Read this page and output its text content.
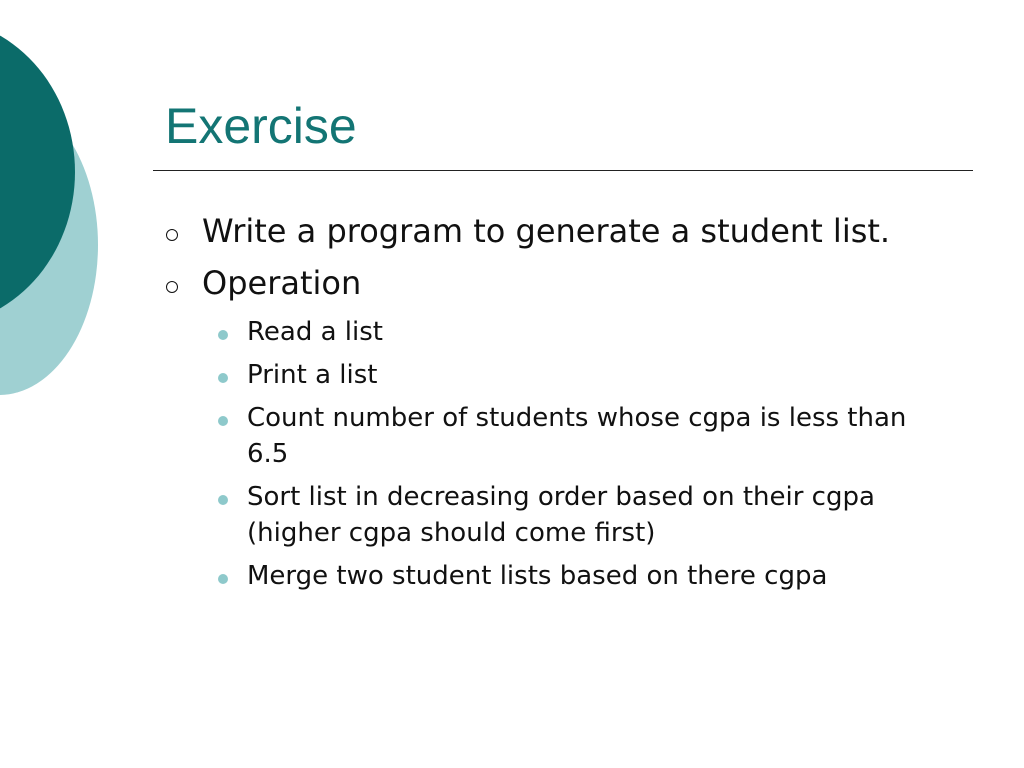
Exercise
Write a program to generate a student list.
Operation
Read a list
Print a list
Count number of students whose cgpa is less than 6.5
Sort list in decreasing order based on their cgpa (higher cgpa should come first)
Merge two student lists based on there cgpa
